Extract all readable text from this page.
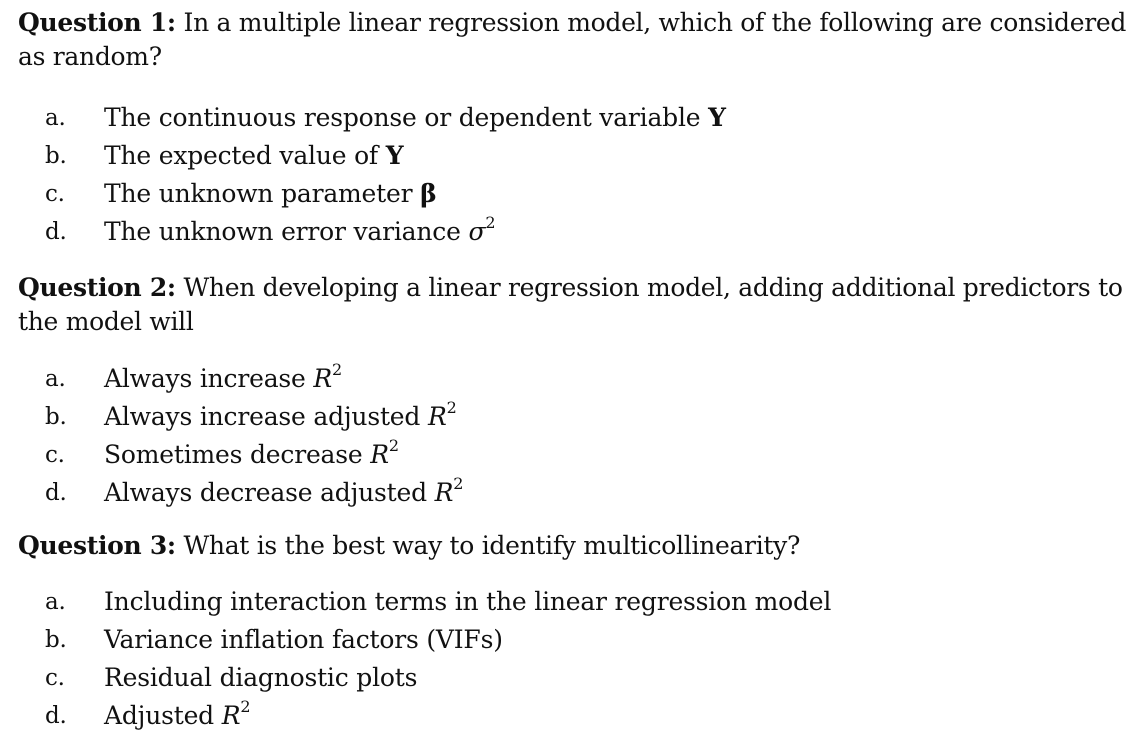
Question 1: In a multiple linear regression model, which of the following are considered as random?

a. The continuous response or dependent variable Y
b. The expected value of Y
c. The unknown parameter β
d. The unknown error variance $\sigma^2$

Question 2: When developing a linear regression model, adding additional predictors to the model will

a. Always increase $R^2$
b. Always increase adjusted $R^2$
c. Sometimes decrease $R^2$
d. Always decrease adjusted $R^2$

Question 3: What is the best way to identify multicollinearity?

a. Including interaction terms in the linear regression model
b. Variance inflation factors (VIFs)
c. Residual diagnostic plots
d. Adjusted $R^2$
